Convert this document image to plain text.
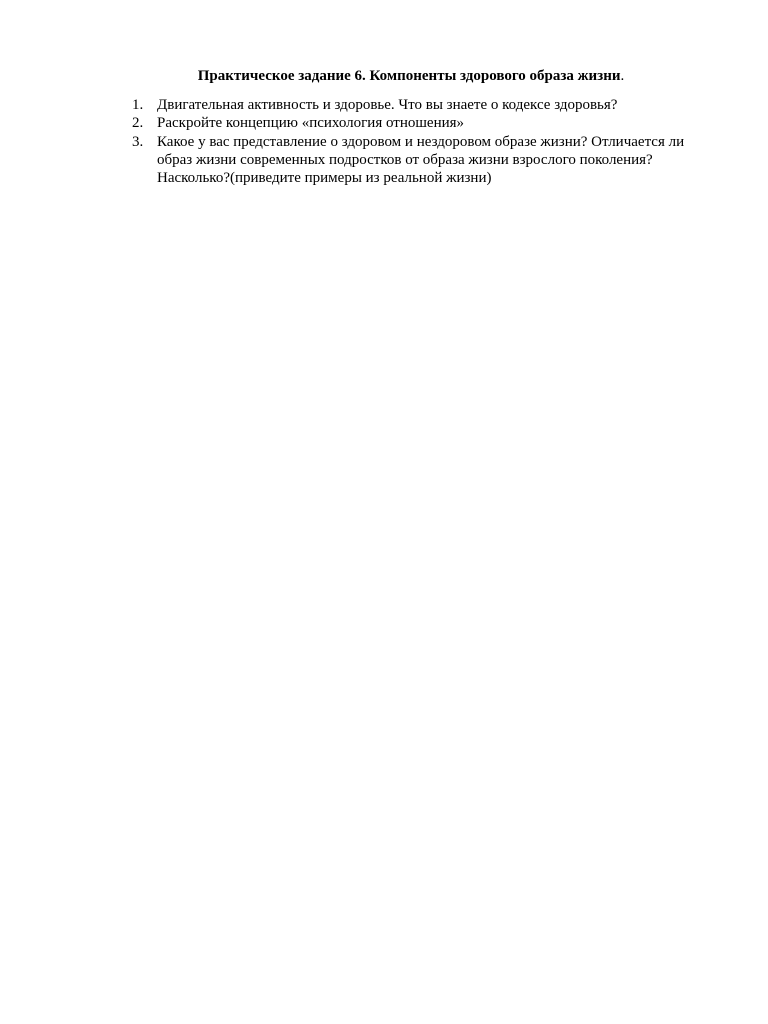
Практическое задание 6. Компоненты здорового образа жизни.
1. Двигательная активность и здоровье. Что вы знаете о кодексе здоровья?
2. Раскройте концепцию «психология отношения»
3. Какое у вас представление о здоровом и нездоровом образе жизни? Отличается ли образ жизни современных подростков от образа жизни взрослого поколения? Насколько?(приведите примеры из реальной жизни)
